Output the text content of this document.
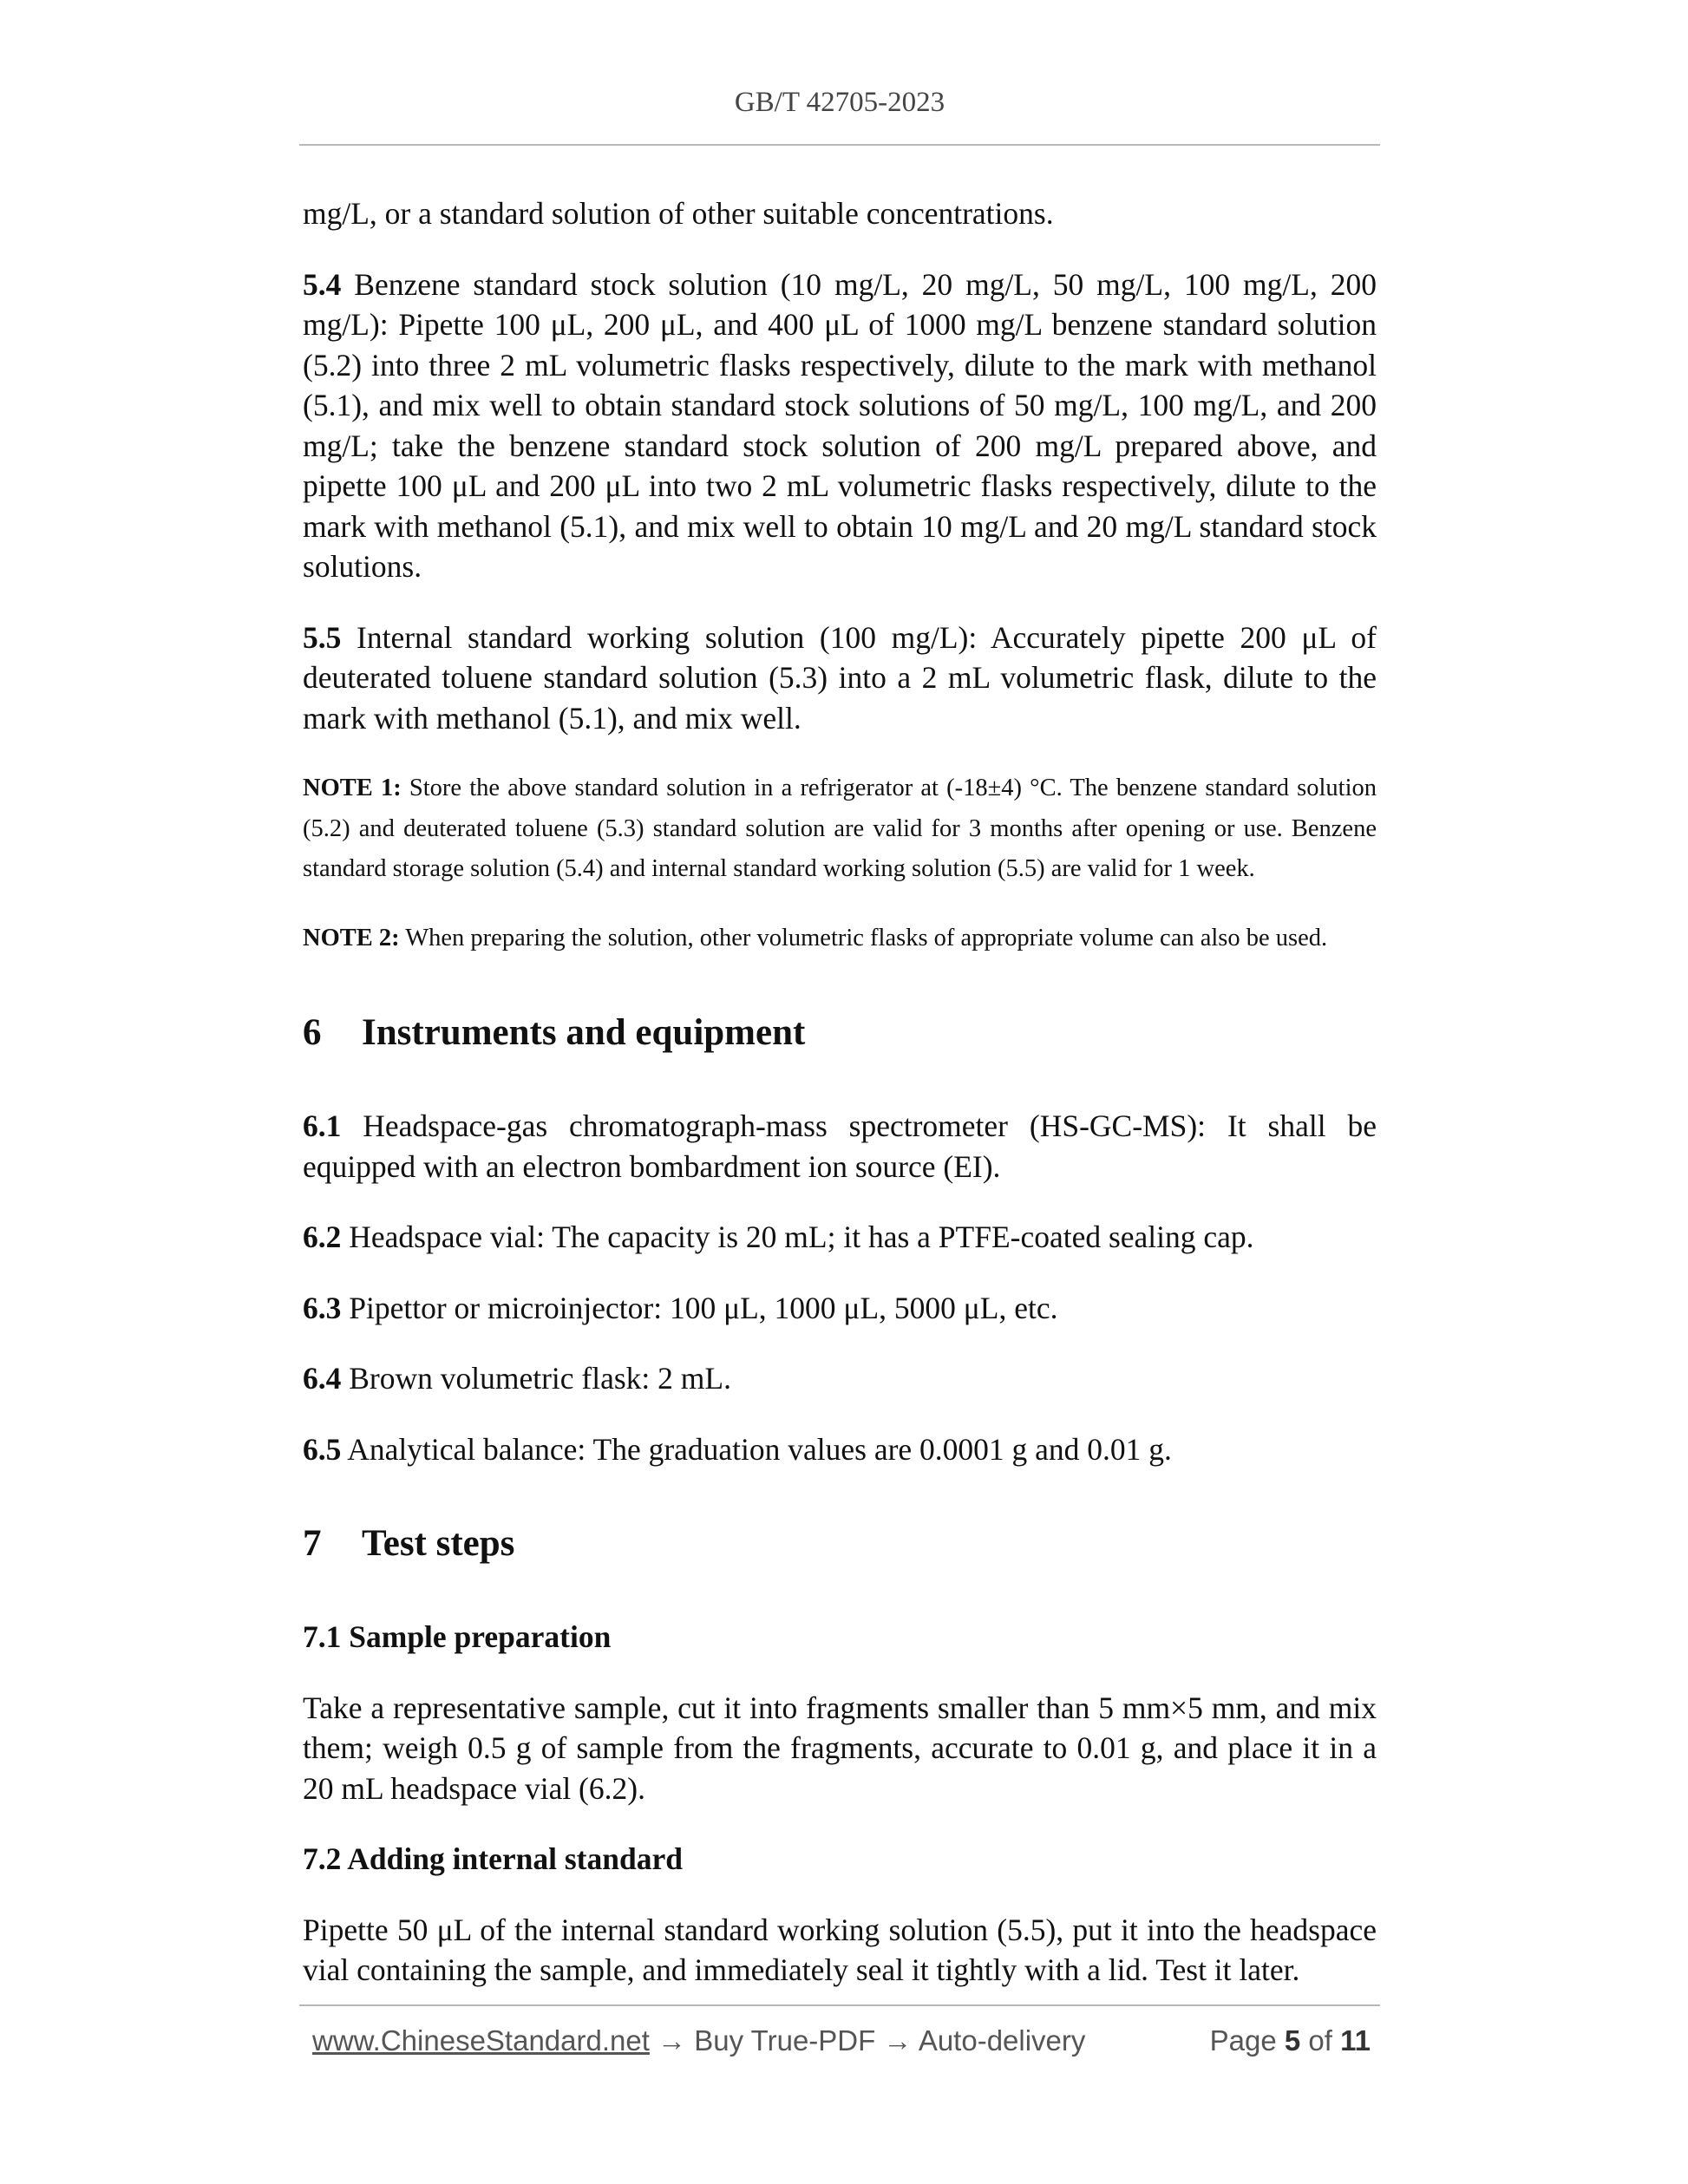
GB/T 42705-2023

mg/L, or a standard solution of other suitable concentrations.

5.4 Benzene standard stock solution (10 mg/L, 20 mg/L, 50 mg/L, 100 mg/L, 200 mg/L): Pipette 100 μL, 200 μL, and 400 μL of 1000 mg/L benzene standard solution (5.2) into three 2 mL volumetric flasks respectively, dilute to the mark with methanol (5.1), and mix well to obtain standard stock solutions of 50 mg/L, 100 mg/L, and 200 mg/L; take the benzene standard stock solution of 200 mg/L prepared above, and pipette 100 μL and 200 μL into two 2 mL volumetric flasks respectively, dilute to the mark with methanol (5.1), and mix well to obtain 10 mg/L and 20 mg/L standard stock solutions.

5.5 Internal standard working solution (100 mg/L): Accurately pipette 200 μL of deuterated toluene standard solution (5.3) into a 2 mL volumetric flask, dilute to the mark with methanol (5.1), and mix well.

NOTE 1: Store the above standard solution in a refrigerator at (-18±4) °C. The benzene standard solution (5.2) and deuterated toluene (5.3) standard solution are valid for 3 months after opening or use. Benzene standard storage solution (5.4) and internal standard working solution (5.5) are valid for 1 week.

NOTE 2: When preparing the solution, other volumetric flasks of appropriate volume can also be used.

6 Instruments and equipment

6.1 Headspace-gas chromatograph-mass spectrometer (HS-GC-MS): It shall be equipped with an electron bombardment ion source (EI).

6.2 Headspace vial: The capacity is 20 mL; it has a PTFE-coated sealing cap.

6.3 Pipettor or microinjector: 100 μL, 1000 μL, 5000 μL, etc.

6.4 Brown volumetric flask: 2 mL.

6.5 Analytical balance: The graduation values are 0.0001 g and 0.01 g.

7 Test steps
7.1 Sample preparation

Take a representative sample, cut it into fragments smaller than 5 mm×5 mm, and mix them; weigh 0.5 g of sample from the fragments, accurate to 0.01 g, and place it in a 20 mL headspace vial (6.2).

7.2 Adding internal standard

Pipette 50 μL of the internal standard working solution (5.5), put it into the headspace vial containing the sample, and immediately seal it tightly with a lid. Test it later.

www.ChineseStandard.net → Buy True-PDF → Auto-delivery	Page 5 of 11
